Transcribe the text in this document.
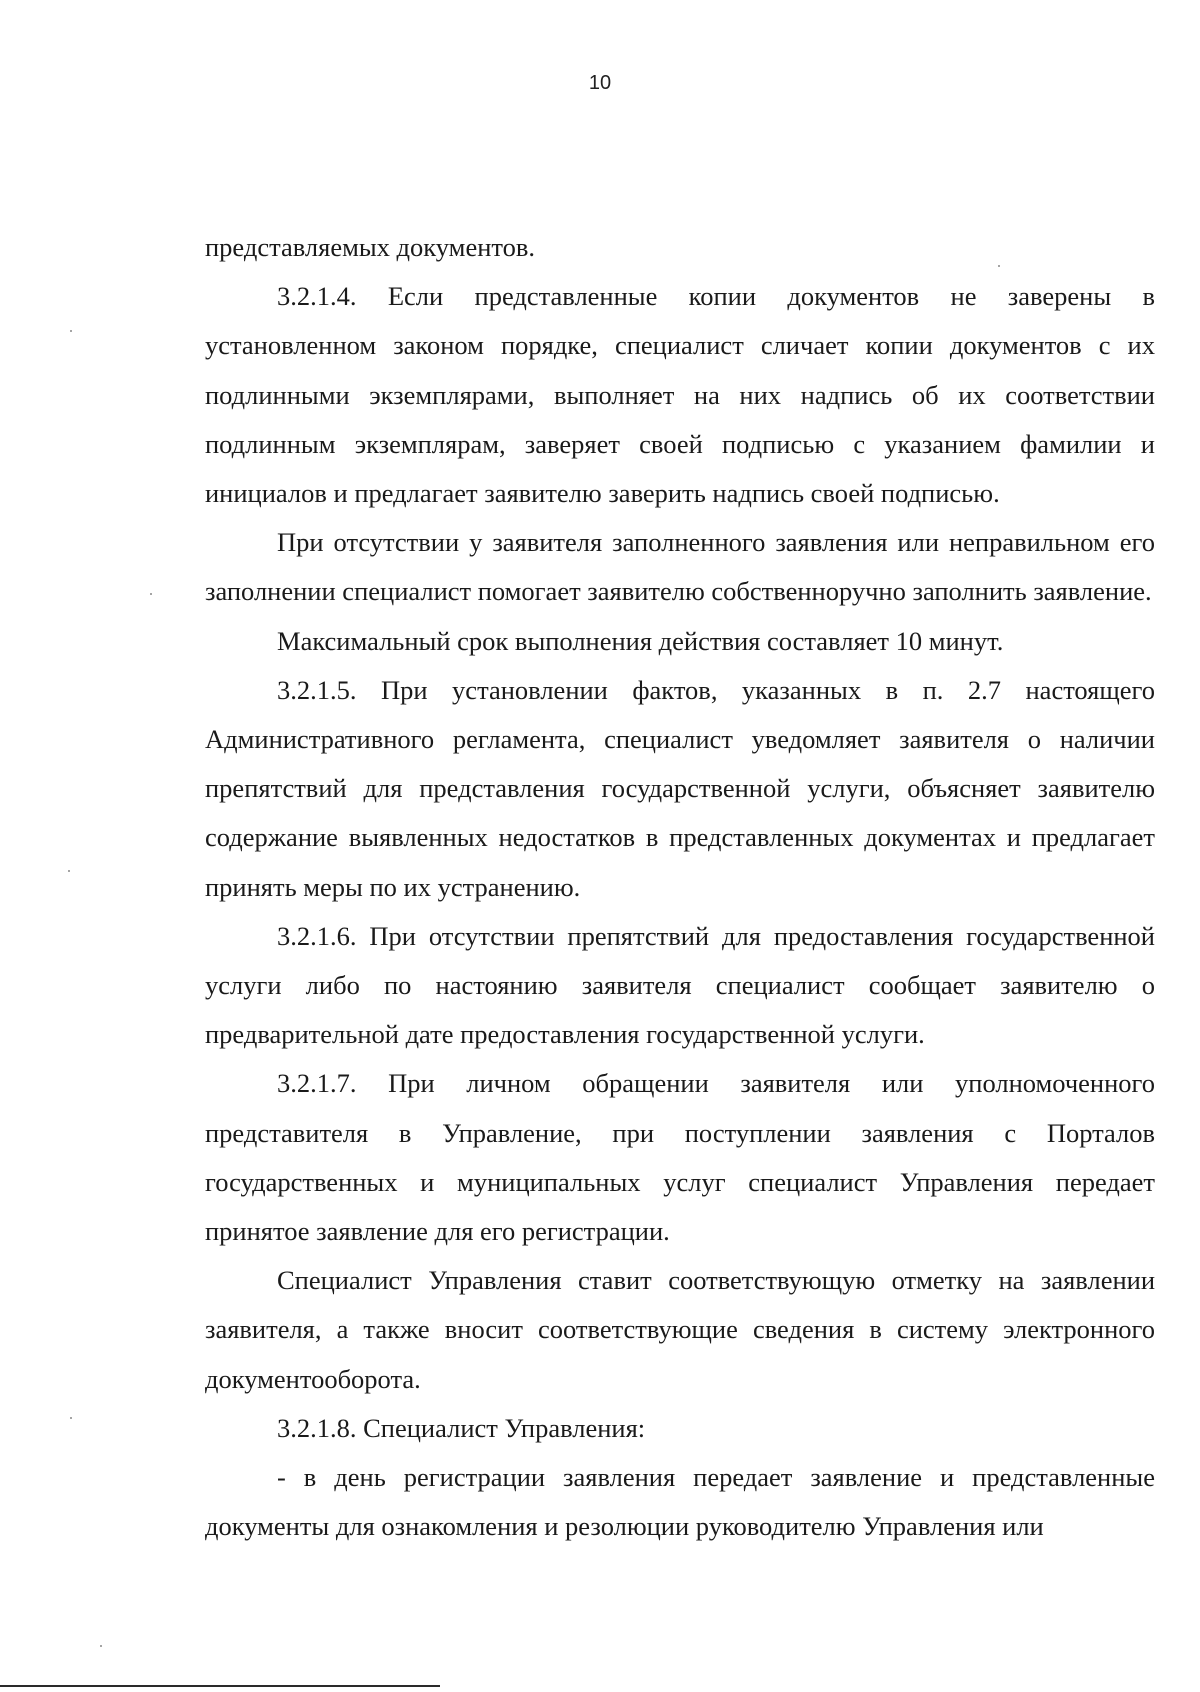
10

представляемых документов.

3.2.1.4. Если представленные копии документов не заверены в установленном законом порядке, специалист сличает копии документов с их подлинными экземплярами, выполняет на них надпись об их соответствии подлинным экземплярам, заверяет своей подписью с указанием фамилии и инициалов и предлагает заявителю заверить надпись своей подписью.

При отсутствии у заявителя заполненного заявления или неправильном его заполнении специалист помогает заявителю собственноручно заполнить заявление.

Максимальный срок выполнения действия составляет 10 минут.

3.2.1.5. При установлении фактов, указанных в п. 2.7 настоящего Административного регламента, специалист уведомляет заявителя о наличии препятствий для представления государственной услуги, объясняет заявителю содержание выявленных недостатков в представленных документах и предлагает принять меры по их устранению.

3.2.1.6. При отсутствии препятствий для предоставления государственной услуги либо по настоянию заявителя специалист сообщает заявителю о предварительной дате предоставления государственной услуги.

3.2.1.7. При личном обращении заявителя или уполномоченного представителя в Управление, при поступлении заявления с Порталов государственных и муниципальных услуг специалист Управления передает принятое заявление для его регистрации.

Специалист Управления ставит соответствующую отметку на заявлении заявителя, а также вносит соответствующие сведения в систему электронного документооборота.

3.2.1.8. Специалист Управления:

- в день регистрации заявления передает заявление и представленные документы для ознакомления и резолюции руководителю Управления или
